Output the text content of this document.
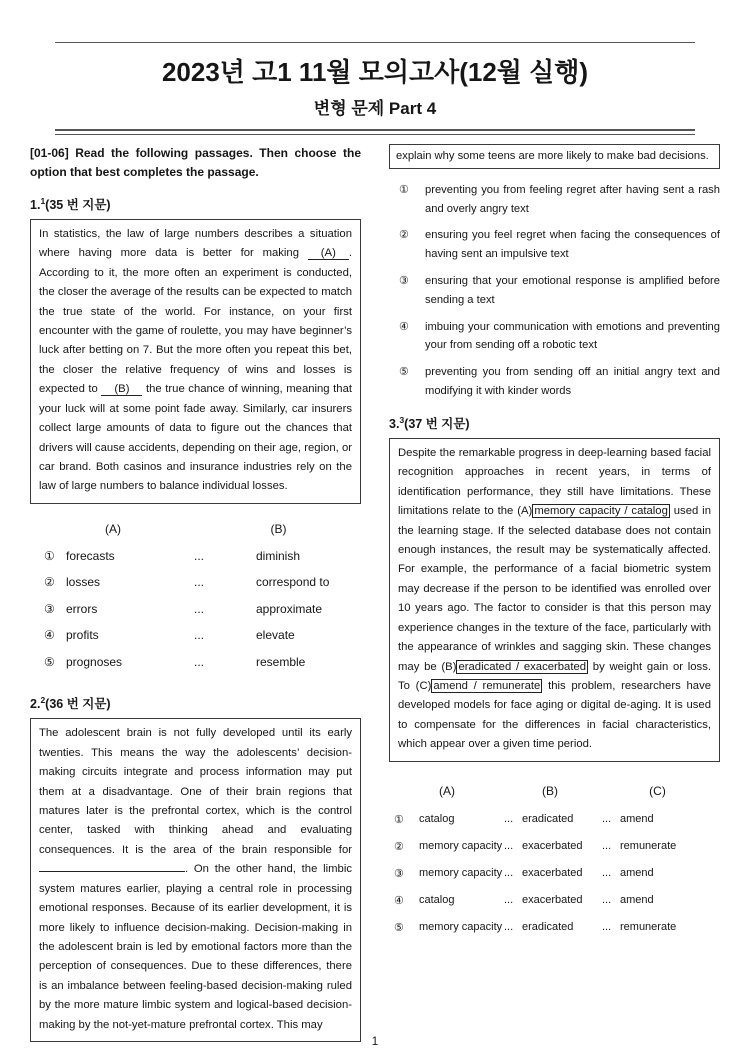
2023년 고1 11월 모의고사(12월 실행)
변형 문제 Part 4

[01-06] Read the following passages. Then choose the option that best completes the passage.

1.$^1$(35 번 지문)
In statistics, the law of large numbers describes a situation where having more data is better for making (A) . According to it, the more often an experiment is conducted, the closer the average of the results can be expected to match the true state of the world. For instance, on your first encounter with the game of roulette, you may have beginner’s luck after betting on 7. But the more often you repeat this bet, the closer the relative frequency of wins and losses is expected to (B) the true chance of winning, meaning that your luck will at some point fade away. Similarly, car insurers collect large amounts of data to figure out the chances that drivers will cause accidents, depending on their age, region, or car brand. Both casinos and insurance industries rely on the law of large numbers to balance individual losses.
(A)	(B)
① forecasts	...	diminish
② losses	...	correspond to
③ errors	...	approximate
④ profits	...	elevate
⑤ prognoses	...	resemble
2.$^2$(36 번 지문)
The adolescent brain is not fully developed until its early twenties. This means the way the adolescents’ decision-making circuits integrate and process information may put them at a disadvantage. One of their brain regions that matures later is the prefrontal cortex, which is the control center, tasked with thinking ahead and evaluating consequences. It is the area of the brain responsible for . On the other hand, the limbic system matures earlier, playing a central role in processing emotional responses. Because of its earlier development, it is more likely to influence decision-making. Decision-making in the adolescent brain is led by emotional factors more than the perception of consequences. Due to these differences, there is an imbalance between feeling-based decision-making ruled by the more mature limbic system and logical-based decision-making by the not-yet-mature prefrontal cortex. This may
explain why some teens are more likely to make bad decisions.
①	preventing you from feeling regret after having sent a rash and overly angry text
②	ensuring you feel regret when facing the consequences of having sent an impulsive text
③	ensuring that your emotional response is amplified before sending a text
④	imbuing your communication with emotions and preventing your from sending off a robotic text
⑤	preventing you from sending off an initial angry text and modifying it with kinder words
3.$^3$(37 번 지문)
Despite the remarkable progress in deep-learning based facial recognition approaches in recent years, in terms of identification performance, they still have limitations. These limitations relate to the (A) memory capacity / catalog used in the learning stage. If the selected database does not contain enough instances, the result may be systematically affected. For example, the performance of a facial biometric system may decrease if the person to be identified was enrolled over 10 years ago. The factor to consider is that this person may experience changes in the texture of the face, particularly with the appearance of wrinkles and sagging skin. These changes may be (B) eradicated / exacerbated by weight gain or loss. To (C) amend / remunerate this problem, researchers have developed models for face aging or digital de-aging. It is used to compensate for the differences in facial characteristics, which appear over a given time period.
(A)	(B)	(C)
①	catalog	... eradicated	... amend
②	memory capacity ... exacerbated	... remunerate
③	memory capacity ... exacerbated	... amend
④	catalog	... exacerbated	... amend
⑤	memory capacity ... eradicated	... remunerate
1
